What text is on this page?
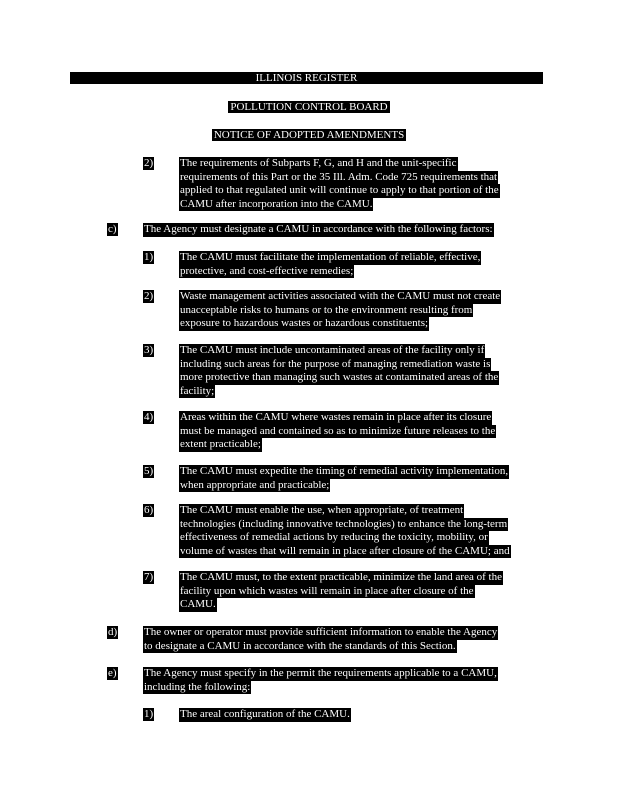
ILLINOIS REGISTER
POLLUTION CONTROL BOARD
NOTICE OF ADOPTED AMENDMENTS
2) The requirements of Subparts F, G, and H and the unit-specific
requirements of this Part or the 35 Ill. Adm. Code 725 requirements that
applied to that regulated unit will continue to apply to that portion of the
CAMU after incorporation into the CAMU.
c) The Agency must designate a CAMU in accordance with the following factors:
1) The CAMU must facilitate the implementation of reliable, effective,
protective, and cost-effective remedies;
2) Waste management activities associated with the CAMU must not create
unacceptable risks to humans or to the environment resulting from
exposure to hazardous wastes or hazardous constituents;
3) The CAMU must include uncontaminated areas of the facility only if
including such areas for the purpose of managing remediation waste is
more protective than managing such wastes at contaminated areas of the
facility;
4) Areas within the CAMU where wastes remain in place after its closure
must be managed and contained so as to minimize future releases to the
extent practicable;
5) The CAMU must expedite the timing of remedial activity implementation,
when appropriate and practicable;
6) The CAMU must enable the use, when appropriate, of treatment
technologies (including innovative technologies) to enhance the long-term
effectiveness of remedial actions by reducing the toxicity, mobility, or
volume of wastes that will remain in place after closure of the CAMU; and
7) The CAMU must, to the extent practicable, minimize the land area of the
facility upon which wastes will remain in place after closure of the
CAMU.
d) The owner or operator must provide sufficient information to enable the Agency
to designate a CAMU in accordance with the standards of this Section.
e) The Agency must specify in the permit the requirements applicable to a CAMU,
including the following:
1) The areal configuration of the CAMU.
